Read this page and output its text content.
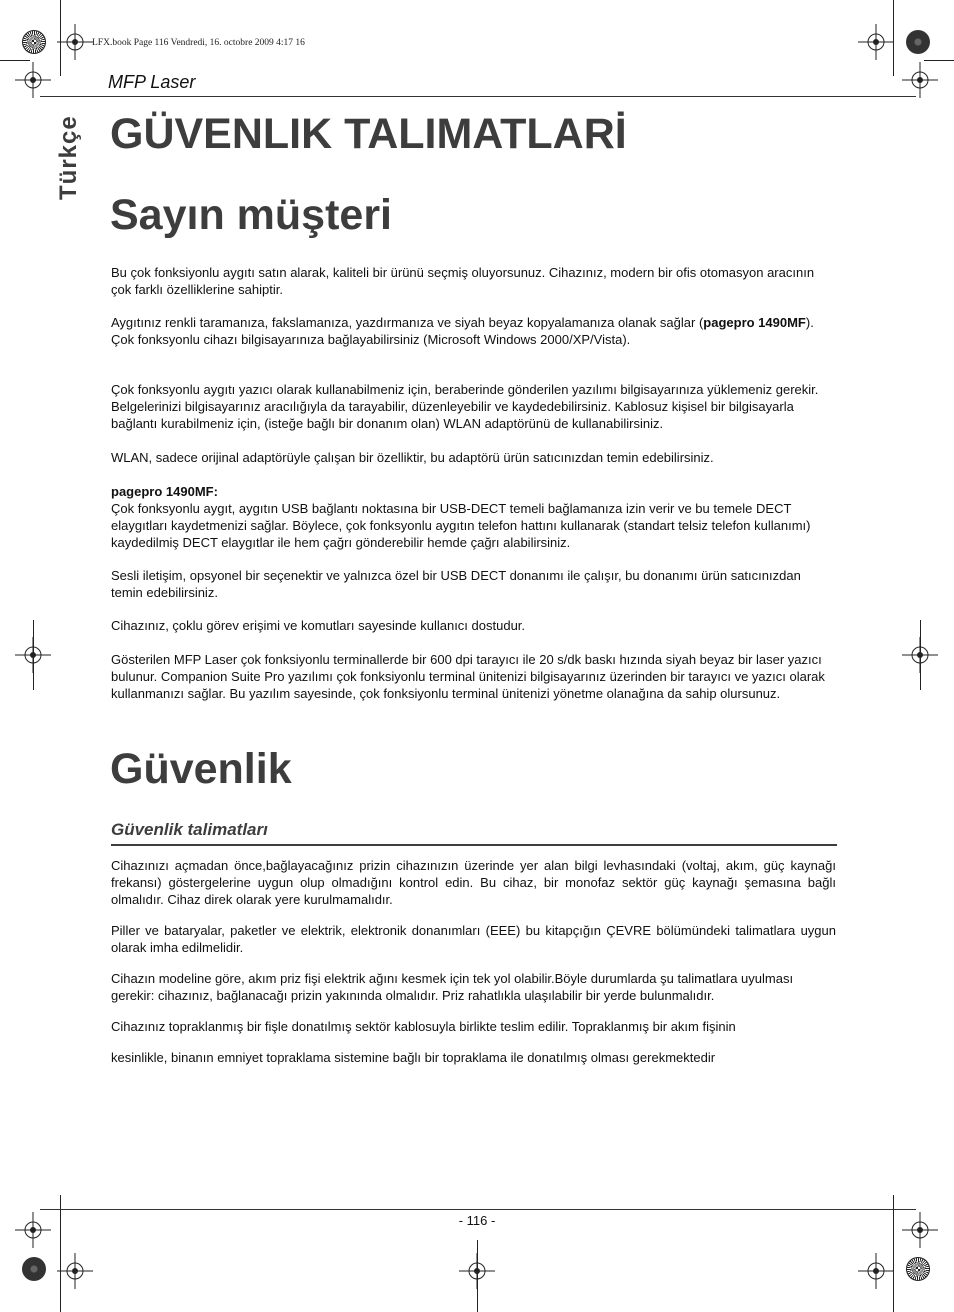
LFX.book Page 116 Vendredi, 16. octobre 2009 4:17 16
MFP Laser
Türkçe GÜVENLIK TALIMATLARİ
Sayın müşteri
Bu çok fonksiyonlu aygıtı satın alarak, kaliteli bir ürünü seçmiş oluyorsunuz. Cihazınız, modern bir ofis otomasyon aracının çok farklı özelliklerine sahiptir.
Aygıtınız renkli taramanıza, fakslamanıza, yazdırmanıza ve siyah beyaz kopyalamanıza olanak sağlar (pagepro 1490MF). Çok fonksyonlu cihazı bilgisayarınıza bağlayabilirsiniz (Microsoft Windows 2000/XP/Vista).
Çok fonksyonlu aygıtı yazıcı olarak kullanabilmeniz için, beraberinde gönderilen yazılımı bilgisayarınıza yüklemeniz gerekir. Belgelerinizi bilgisayarınız aracılığıyla da tarayabilir, düzenleyebilir ve kaydedebilirsiniz. Kablosuz kişisel bir bilgisayarla bağlantı kurabilmeniz için, (isteğe bağlı bir donanım olan) WLAN adaptörünü de kullanabilirsiniz.
WLAN, sadece orijinal adaptörüyle çalışan bir özelliktir, bu adaptörü ürün satıcınızdan temin edebilirsiniz.
pagepro 1490MF:
Çok fonksyonlu aygıt, aygıtın USB bağlantı noktasına bir USB-DECT temeli bağlamanıza izin verir ve bu temele DECT elaygıtları kaydetmenizi sağlar. Böylece, çok fonksyonlu aygıtın telefon hattını kullanarak (standart telsiz telefon kullanımı) kaydedilmiş DECT elaygıtlar ile hem çağrı gönderebilir hemde çağrı alabilirsiniz.
Sesli iletişim, opsyonel bir seçenektir ve yalnızca özel bir USB DECT donanımı ile çalışır, bu donanımı ürün satıcınızdan temin edebilirsiniz.
Cihazınız, çoklu görev erişimi ve komutları sayesinde kullanıcı dostudur.
Gösterilen MFP Laser çok fonksiyonlu terminallerde bir 600 dpi tarayıcı ile 20 s/dk baskı hızında siyah beyaz bir laser yazıcı bulunur. Companion Suite Pro yazılımı çok fonksiyonlu terminal ünitenizi bilgisayarınız üzerinden bir tarayıcı ve yazıcı olarak kullanmanızı sağlar. Bu yazılım sayesinde, çok fonksiyonlu terminal ünitenizi yönetme olanağına da sahip olursunuz.
Güvenlik
Güvenlik talimatları
Cihazınızı açmadan önce,bağlayacağınız prizin cihazınızın üzerinde yer alan bilgi levhasındaki (voltaj, akım, güç kaynağı frekansı) göstergelerine uygun olup olmadığını kontrol edin. Bu cihaz, bir monofaz sektör güç kaynağı şemasına bağlı olmalıdır. Cihaz direk olarak yere kurulmamalıdır.
Piller ve bataryalar, paketler ve elektrik, elektronik donanımları (EEE) bu kitapçığın ÇEVRE bölümündeki talimatlara uygun olarak imha edilmelidir.
Cihazın modeline göre, akım priz fişi elektrik ağını kesmek için tek yol olabilir.Böyle durumlarda şu talimatlara uyulması gerekir: cihazınız, bağlanacağı prizin yakınında olmalıdır. Priz rahatlıkla ulaşılabilir bir yerde bulunmalıdır.
Cihazınız topraklanmış bir fişle donatılmış sektör kablosuyla birlikte teslim edilir. Topraklanmış bir akım fişinin
kesinlikle, binanın emniyet topraklama sistemine bağlı bir topraklama ile donatılmış olması gerekmektedir
- 116 -
